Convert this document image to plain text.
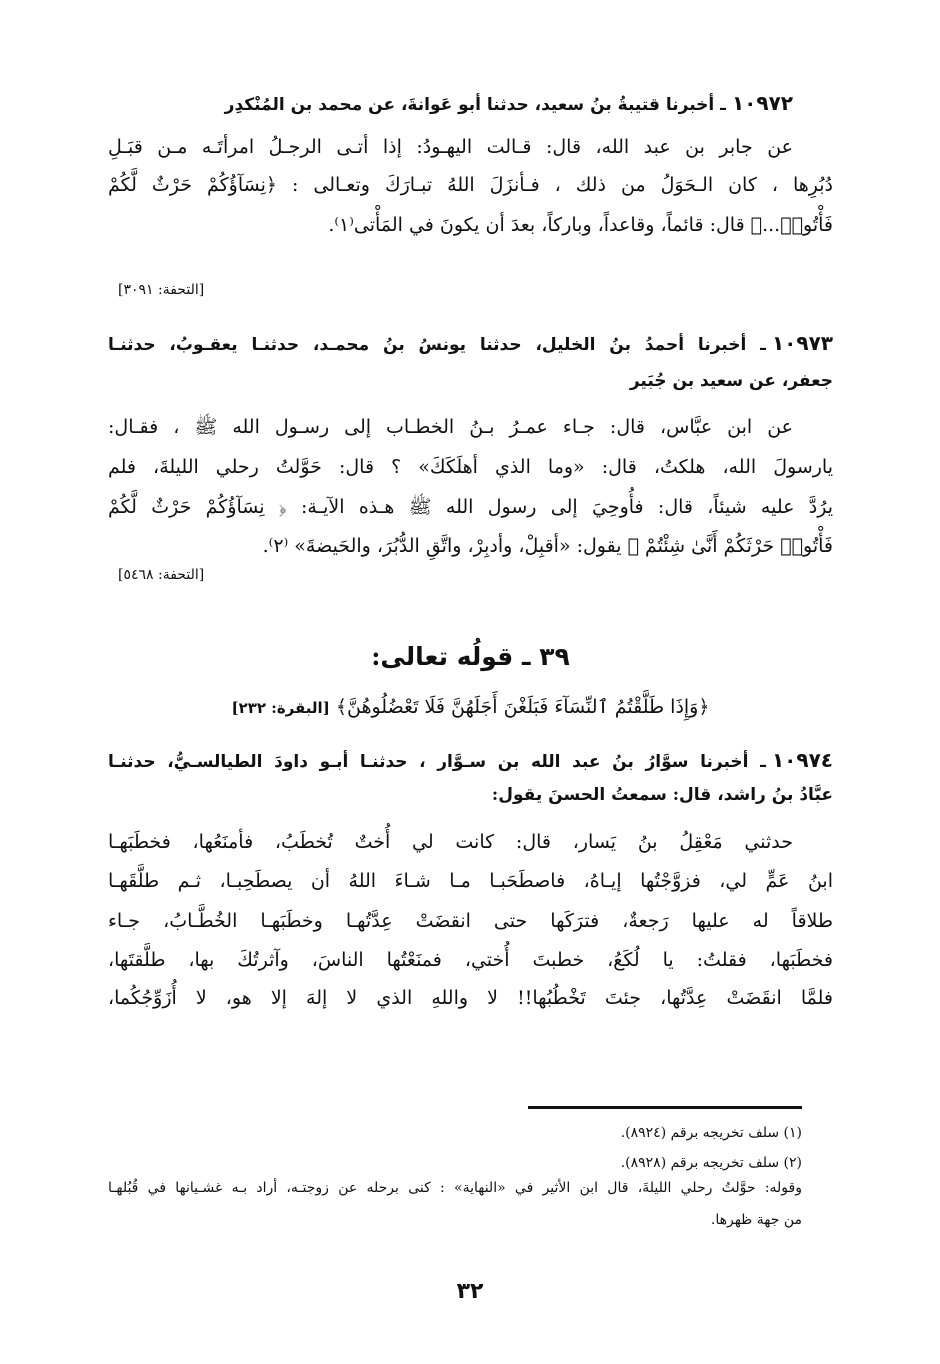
١٠٩٧٢ـ أخبرنا قتيبةُ بنُ سعيد، حدثنا أبو عَوانةَ، عن محمد بن المُنْكدِر
عن جابر بن عبد الله، قال: قـالت اليهـودُ: إذا أتـى الرجـلُ امرأتَـه مـن قبَـلِ
دُبُرِها ، كان الـحَوَلُ من ذلك ، فـأنزَلَ اللهُ تبـارَكَ وتعـالى : ﴿نِسَآؤُكُمْ حَرْثٌ لَّكُمْ
فَأْتُوا۟...﴾ قال: قائماً، وقاعداً، وباركاً، بعدَ أن يكونَ في المَأْتى⁽١⁾.
[التحفة: ٣٠٩١]
١٠٩٧٣ـ أخبرنا أحمدُ بنُ الخليل، حدثنا يونسُ بنُ محمـد، حدثنـا يعقـوبُ، حدثنـا
جعفر، عن سعيد بن جُبَير
عن ابن عبَّاس، قال: جـاء عمـرُ بـنُ الخطـاب إلى رسـول الله ﷺ ، فقـال:
يارسولَ الله، هلكتُ، قال: «وما الذي أهلَكَكَ» ؟ قال: حَوَّلتُ رحلي الليلةَ، فلم
يرُدَّ عليه شيئاً، قال: فأُوحِيَ إلى رسول الله ﷺ هـذه الآيـة: ﴿ نِسَآؤُكُمْ حَرْثٌ لَّكُمْ
فَأْتُوا۟ حَرْثَكُمْ أَنَّىٰ شِئْتُمْ ﴾ يقول: «أقبِلْ، وأدبِرْ، واتَّقِ الدُّبُرَ، والحَيضةَ» ⁽٢⁾.
[التحفة: ٥٤٦٨]
٣٩ ـ قولُه تعالى:
﴿وَإِذَا طَلَّقْتُمُ ٱلنِّسَآءَ فَبَلَغْنَ أَجَلَهُنَّ فَلَا تَعْضُلُوهُنَّ﴾ [البقرة: ٢٣٢]
١٠٩٧٤ـ أخبرنا سوَّارُ بنُ عبد الله بن سـوَّار ، حدثنـا أبـو داودَ الطيالسـيُّ، حدثنـا
عبَّادُ بنُ راشد، قال: سمعتُ الحسنَ يقول:
حدثني مَعْقِلُ بنُ يَسار، قال: كانت لي أُختٌ تُخطَبُ، فأمنَعُها، فخطَبَهـا
ابنُ عَمٍّ لي، فزوَّجْتُها إيـاهُ، فاصطَحَبـا مـا شـاءَ اللهُ أن يصطَحِبـا، ثـم طلَّقَهـا
طلاقاً له عليها رَجعةٌ، فترَكَها حتى انقضَتْ عِدَّتُهـا وخطَبَهـا الخُطَّـابُ، جـاء
فخطَبَها، فقلتُ: يا لُكَعُ، خطبتَ أُختي، فمنَعْتُها الناسَ، وآثرتُكَ بها، طلَّقتَها،
فلمَّا انقَضَتْ عِدَّتُها، جئتَ تَخْطُبُها!! لا واللهِ الذي لا إلهَ إلا هو، لا أُزَوِّجُكُما،
(١) سلف تخريجه برقم (٨٩٢٤).
(٢) سلف تخريجه برقم (٨٩٢٨).
وقوله: حوَّلتُ رحلي الليلةَ، قال ابن الأثير في «النهاية» : كنى برحله عن زوجتـه، أراد بـه غشـيانها في قُبُلهـا
من جهة ظهرها.
٣٢
